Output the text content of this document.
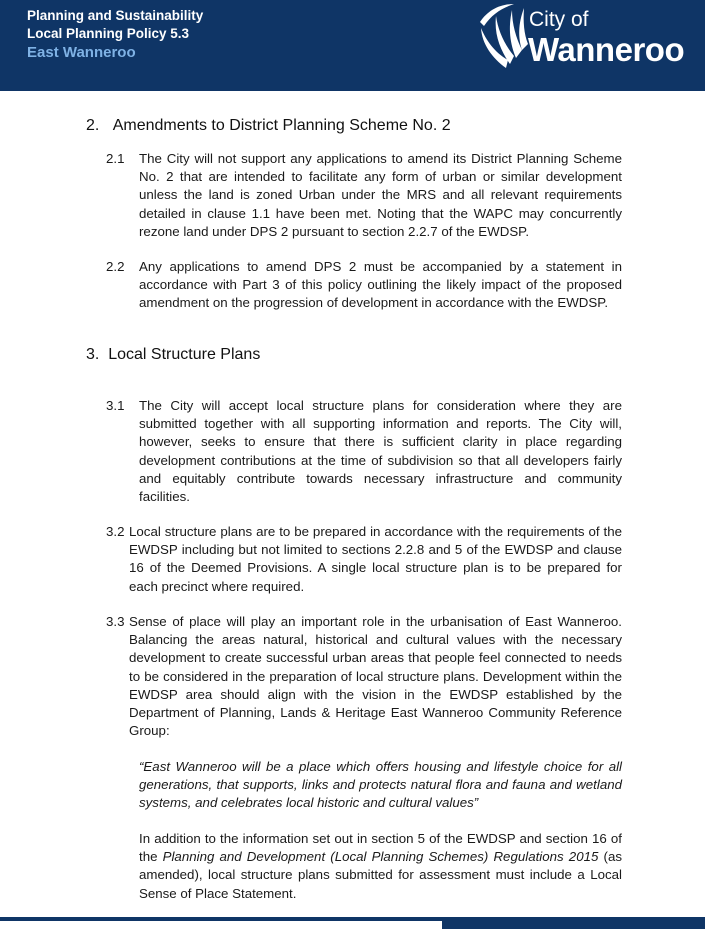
Planning and Sustainability
Local Planning Policy 5.3
East Wanneroo
City of
Wanneroo
2. Amendments to District Planning Scheme No. 2
2.1 The City will not support any applications to amend its District Planning Scheme No. 2 that are intended to facilitate any form of urban or similar development unless the land is zoned Urban under the MRS and all relevant requirements detailed in clause 1.1 have been met. Noting that the WAPC may concurrently rezone land under DPS 2 pursuant to section 2.2.7 of the EWDSP.
2.2 Any applications to amend DPS 2 must be accompanied by a statement in accordance with Part 3 of this policy outlining the likely impact of the proposed amendment on the progression of development in accordance with the EWDSP.
3. Local Structure Plans
3.1 The City will accept local structure plans for consideration where they are submitted together with all supporting information and reports. The City will, however, seeks to ensure that there is sufficient clarity in place regarding development contributions at the time of subdivision so that all developers fairly and equitably contribute towards necessary infrastructure and community facilities.
3.2 Local structure plans are to be prepared in accordance with the requirements of the EWDSP including but not limited to sections 2.2.8 and 5 of the EWDSP and clause 16 of the Deemed Provisions. A single local structure plan is to be prepared for each precinct where required.
3.3 Sense of place will play an important role in the urbanisation of East Wanneroo. Balancing the areas natural, historical and cultural values with the necessary development to create successful urban areas that people feel connected to needs to be considered in the preparation of local structure plans. Development within the EWDSP area should align with the vision in the EWDSP established by the Department of Planning, Lands & Heritage East Wanneroo Community Reference Group:
“East Wanneroo will be a place which offers housing and lifestyle choice for all generations, that supports, links and protects natural flora and fauna and wetland systems, and celebrates local historic and cultural values”
In addition to the information set out in section 5 of the EWDSP and section 16 of the Planning and Development (Local Planning Schemes) Regulations 2015 (as amended), local structure plans submitted for assessment must include a Local Sense of Place Statement.
